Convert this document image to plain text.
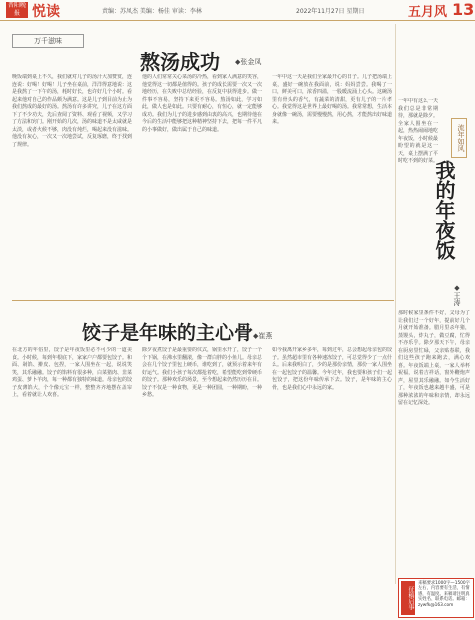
晋阳晚报 悦读	责编：苏凤杰 美编：杨佳 审读：李林	2022年11月27日 星期日	五月风 13
万千滋味
熬汤成功 ◆张金凤
晚饭端到桌上不久，我们就对儿子的汤汁大加赞赏，连连说：好喝！好喝！儿子坐在桌前，洋洋得意地说：这是我熬了一下午的汤，耗时好长，也许好几个小时。看起来他对自己的作品颇为满意。这是儿子到目前为止为我们熬成的最好的汤。熬汤有许多讲究，儿子在这方面下了不少功夫，先后查阅了资料、观看了视频，又学习了方法和窍门。刚开始的几次，汤的味道不是太咸就是太淡，或者火候不够，肉没有炖烂，喝起来没有滋味。他没有灰心，一次又一次地尝试，反复琢磨，终于找到了规律。
他的人们常常关心菜汤的冷热，看到家人满意的笑容，他觉得这一切都是值得的。孩子的成长需要一次又一次地经历，在失败中总结经验，在反复中获得进步。做一件事不容易，坚持下来更不容易。熬汤如此，学习如此，做人也是如此。只要有耐心，有恒心，就一定能够成功。我们为儿子的进步感到由衷的高兴，也期待他在今后的生活中能够把这种精神坚持下去，把每一件平凡的小事做好，做出属于自己的味道。
一年中这一天是我们全家最开心的日子。儿子把汤端上桌，盛好一碗放在我面前，说：妈妈尝尝。我喝了一口，鲜美可口，浓香四溢，一股暖流涌上心头。这碗汤里有骨头的香气，有蔬菜的清甜，更有儿子的一片孝心。我觉得这是世界上最好喝的汤。我常常想，生活本身就像一碗汤，需要慢慢熬，用心熬，才能熬出好味道来。
流年如风
一年中有这么一天我们总是非常期待，那就是除夕。全家人围坐在一起，热热闹闹地吃年夜饭，小时候最盼望的就是这一天，桌上摆满了平时吃不到的好菜。
我的年夜饭
◆王涛
那时候家里条件不好，父母为了让我们过一个好年，提前好几个月就开始准备。腊月里杀年猪，蒸馒头，炸丸子，做豆腐，忙得不亦乐乎。除夕那天下午，母亲在厨房里忙碌，父亲贴春联，我们这些孩子跑来跑去，满心欢喜。年夜饭端上桌，一家人举杯祝福，说着吉祥话，窗外鞭炮声声，屋里其乐融融。如今生活好了，年夜饭也越来越丰盛，可是那种浓浓的年味和亲情，却永远留在记忆深处。
饺子是年味的主心骨 ◆崔燕
在北方的年俗里，饺子是年夜饭里必不可少的一道美食。小时候，每到年根底下，家家户户都要包饺子。和面、剁馅、擀皮、包捏，一家人围坐在一起，说说笑笑，其乐融融。饺子的馅料有很多种，白菜猪肉、韭菜鸡蛋、萝卜羊肉，每一种都有独特的味道。母亲包的饺子皮薄馅大，个个像元宝一样，整整齐齐地摆在盖帘上，看着就让人欢喜。
除夕夜煮饺子是最重要的仪式，锅里水开了，饺子一个个下锅，在沸水里翻滚，像一群白胖的小鱼儿。母亲总会在几个饺子里包上硬币，谁吃到了，就预示着来年有好运气。我们小孩子每次都抢着吃，希望能吃到带硬币的饺子。那种欢乐的场景，至今想起来仍然历历在目。饺子不仅是一种食物，更是一种团圆，一种期盼，一种乡愁。
如今我离开家乡多年，每到过年，总会想起母亲包的饺子。虽然超市里有各种速冻饺子，可总觉得少了一点什么。后来我明白了，少的是那份亲情，那份一家人围坐在一起包饺子的温馨。今年过年，我也要和孩子们一起包饺子，把这份年味传承下去。饺子，是年味的主心骨，也是我们心中永远的家。
征稿启事
来稿要求1000字—1500字左右，内容要有生活，有情感，有温度。来稿请注明真实姓名、联系电话。邮箱：zywfk@163.com
